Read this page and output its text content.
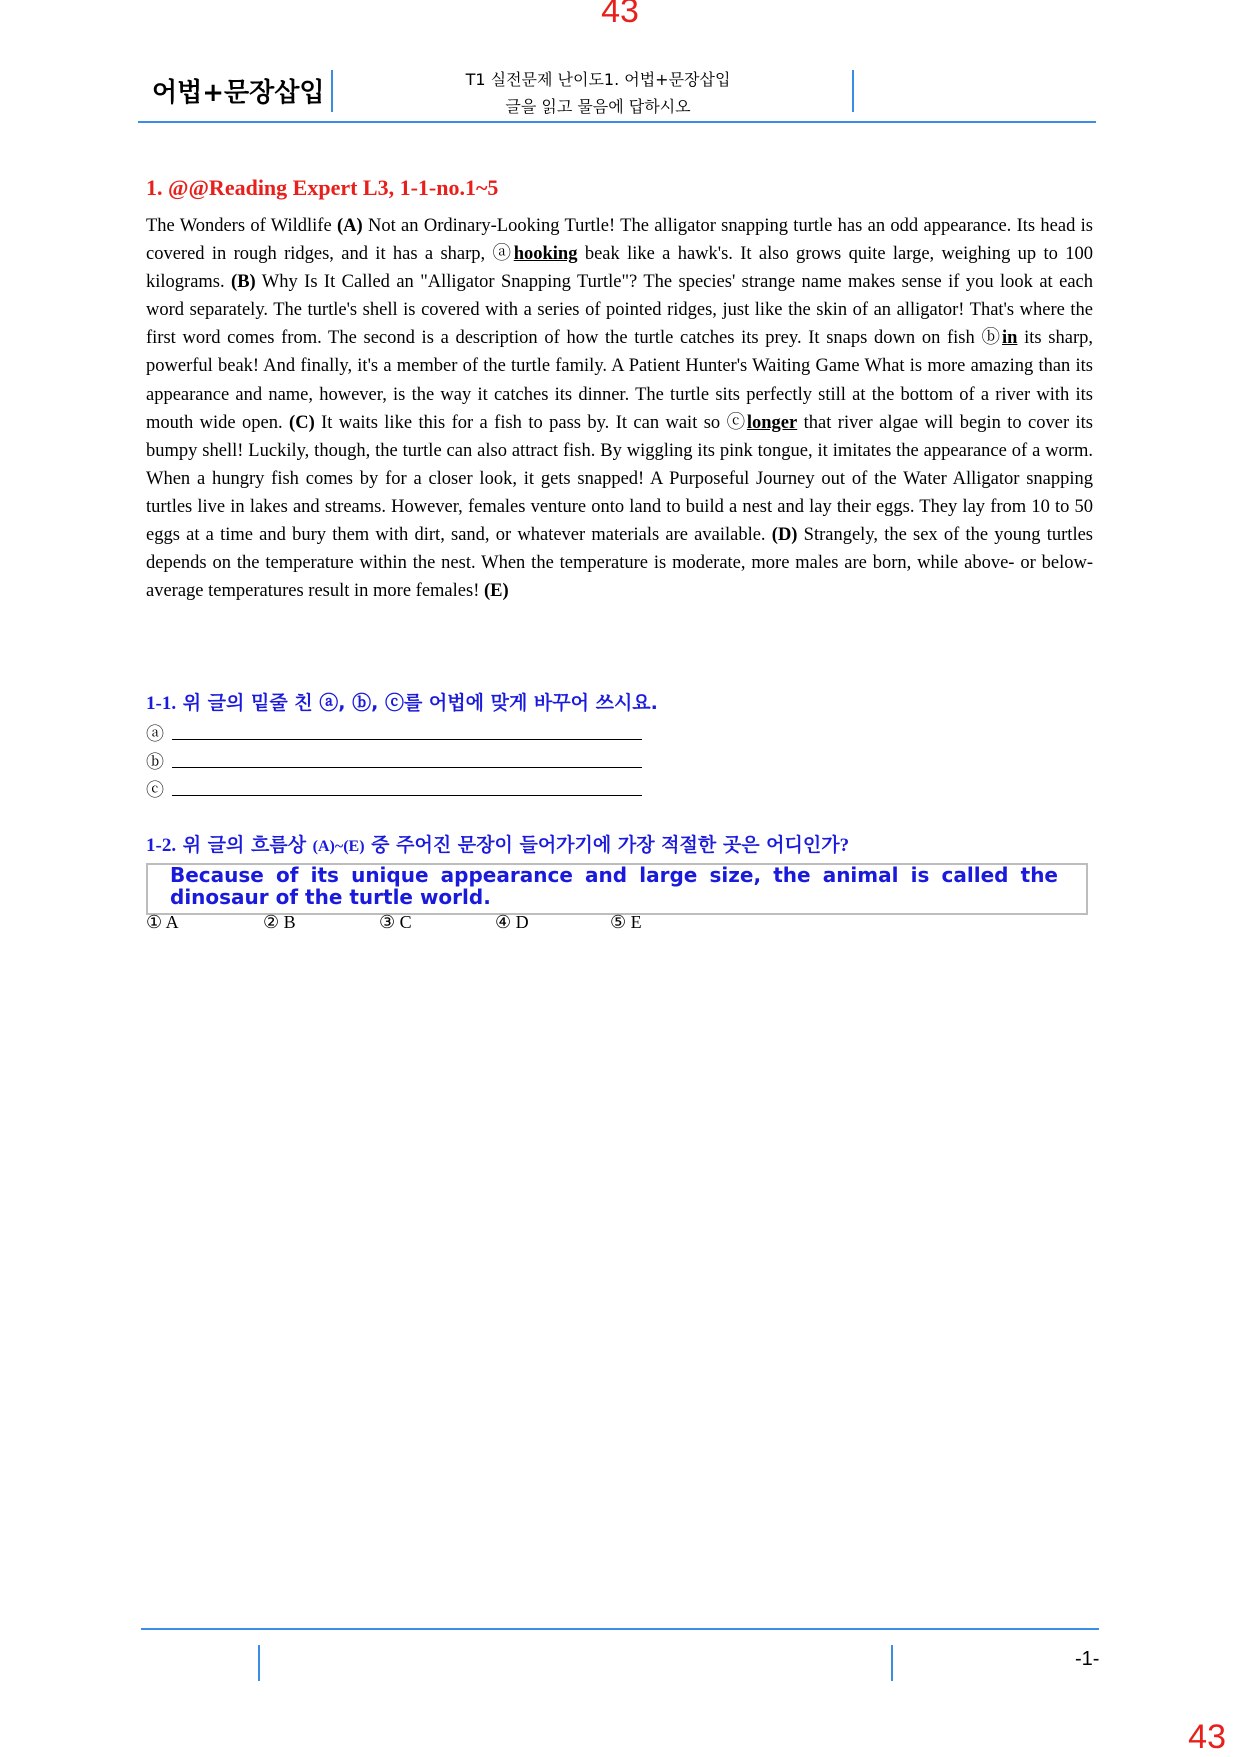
43
어법+문장삽입	T1 실전문제 난이도1. 어법+문장삽입
글을 읽고 물음에 답하시오
1. @@Reading Expert L3, 1-1-no.1~5
The Wonders of Wildlife (A) Not an Ordinary-Looking Turtle! The alligator snapping turtle has an odd appearance. Its head is covered in rough ridges, and it has a sharp, ⓐhooking beak like a hawk's. It also grows quite large, weighing up to 100 kilograms. (B) Why Is It Called an "Alligator Snapping Turtle"? The species' strange name makes sense if you look at each word separately. The turtle's shell is covered with a series of pointed ridges, just like the skin of an alligator! That's where the first word comes from. The second is a description of how the turtle catches its prey. It snaps down on fish ⓑin its sharp, powerful beak! And finally, it's a member of the turtle family. A Patient Hunter's Waiting Game What is more amazing than its appearance and name, however, is the way it catches its dinner. The turtle sits perfectly still at the bottom of a river with its mouth wide open. (C) It waits like this for a fish to pass by. It can wait so ⓒlonger that river algae will begin to cover its bumpy shell! Luckily, though, the turtle can also attract fish. By wiggling its pink tongue, it imitates the appearance of a worm. When a hungry fish comes by for a closer look, it gets snapped! A Purposeful Journey out of the Water Alligator snapping turtles live in lakes and streams. However, females venture onto land to build a nest and lay their eggs. They lay from 10 to 50 eggs at a time and bury them with dirt, sand, or whatever materials are available. (D) Strangely, the sex of the young turtles depends on the temperature within the nest. When the temperature is moderate, more males are born, while above- or below-average temperatures result in more females! (E)
1-1. 위 글의 밑줄 친 ⓐ, ⓑ, ⓒ를 어법에 맞게 바꾸어 쓰시요.
ⓐ
ⓑ
ⓒ
1-2. 위 글의 흐름상 (A)~(E) 중 주어진 문장이 들어가기에 가장 적절한 곳은 어디인가?
Because of its unique appearance and large size, the animal is called the dinosaur of the turtle world.
① A	② B	③ C	④ D	⑤ E
-1-
43
